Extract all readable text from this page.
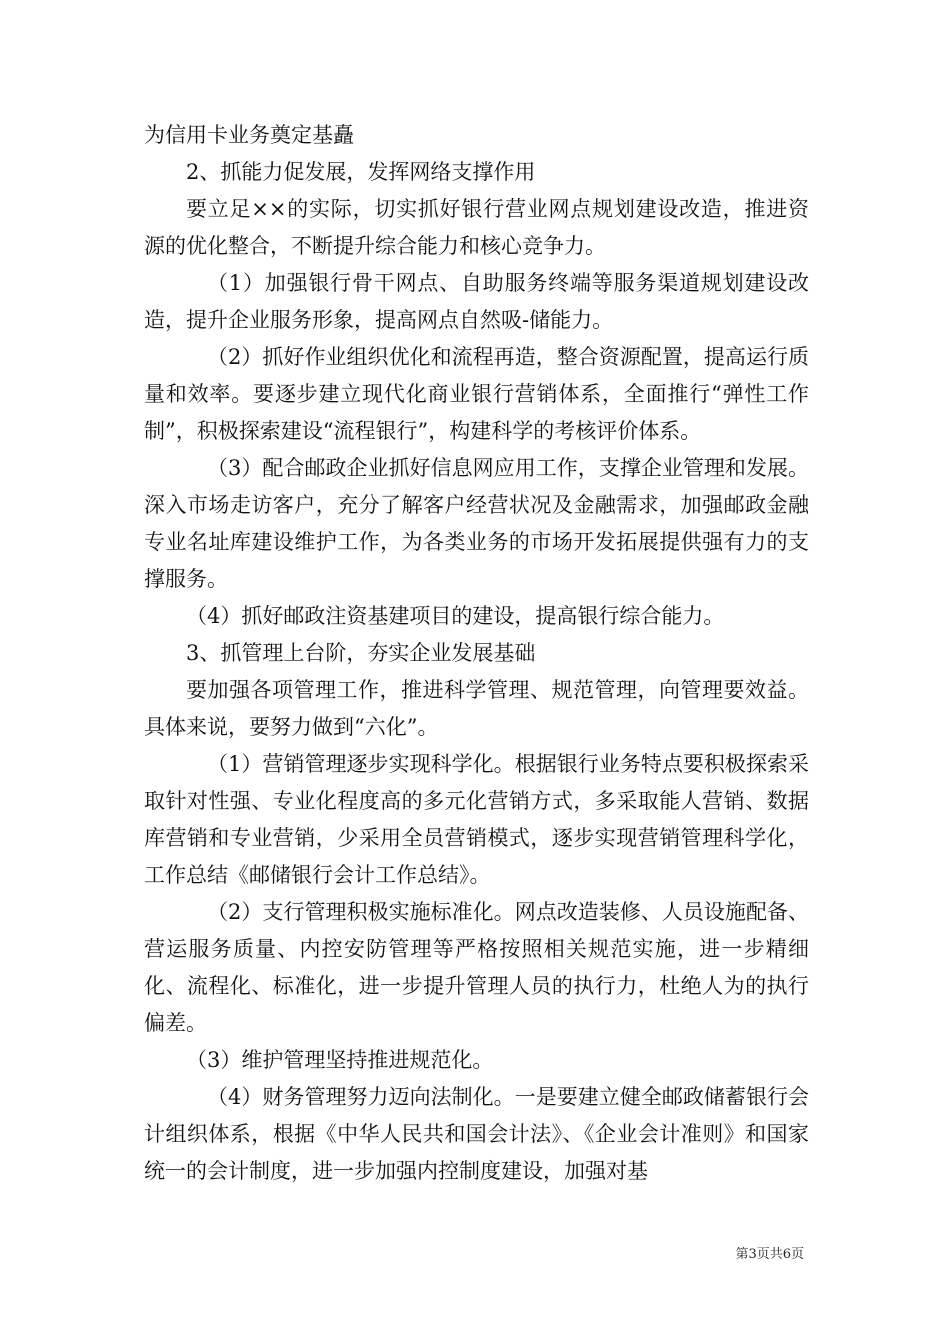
为信用卡业务奠定基矗

2、抓能力促发展，发挥网络支撑作用

要立足××的实际，切实抓好银行营业网点规划建设改造，推进资源的优化整合，不断提升综合能力和核心竞争力。

（1）加强银行骨干网点、自助服务终端等服务渠道规划建设改造，提升企业服务形象，提高网点自然吸-储能力。

（2）抓好作业组织优化和流程再造，整合资源配置，提高运行质量和效率。要逐步建立现代化商业银行营销体系，全面推行“弹性工作制”，积极探索建设“流程银行”，构建科学的考核评价体系。

（3）配合邮政企业抓好信息网应用工作，支撑企业管理和发展。深入市场走访客户，充分了解客户经营状况及金融需求，加强邮政金融专业名址库建设维护工作，为各类业务的市场开发拓展提供强有力的支撑服务。

（4）抓好邮政注资基建项目的建设，提高银行综合能力。

3、抓管理上台阶，夯实企业发展基础

要加强各项管理工作，推进科学管理、规范管理，向管理要效益。具体来说，要努力做到“六化”。

（1）营销管理逐步实现科学化。根据银行业务特点要积极探索采取针对性强、专业化程度高的多元化营销方式，多采取能人营销、数据库营销和专业营销，少采用全员营销模式，逐步实现营销管理科学化，工作总结《邮储银行会计工作总结》。

（2）支行管理积极实施标准化。网点改造装修、人员设施配备、营运服务质量、内控安防管理等严格按照相关规范实施，进一步精细化、流程化、标准化，进一步提升管理人员的执行力，杜绝人为的执行偏差。

（3）维护管理坚持推进规范化。

（4）财务管理努力迈向法制化。一是要建立健全邮政储蓄银行会计组织体系，根据《中华人民共和国会计法》、《企业会计准则》和国家统一的会计制度，进一步加强内控制度建设，加强对基

第3页共6页
